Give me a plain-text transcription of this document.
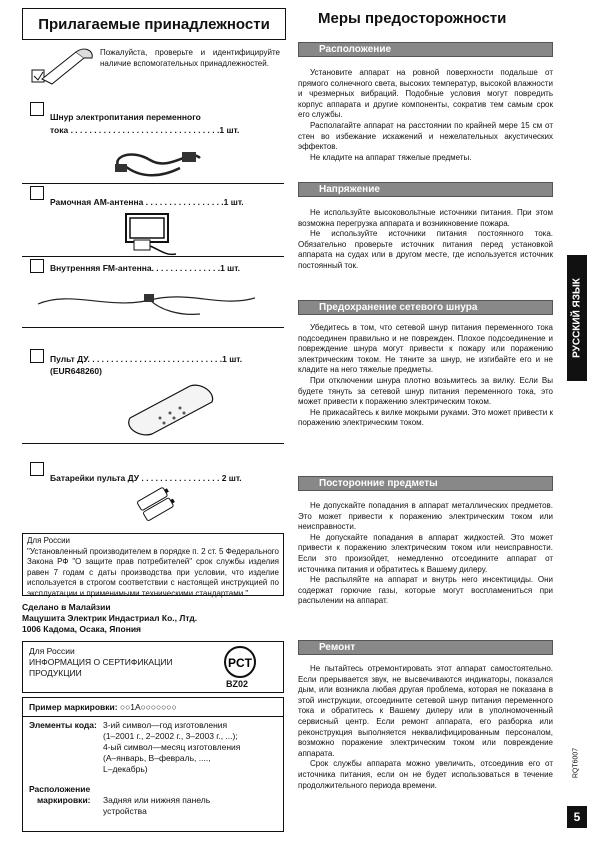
Прилагаемые принадлежности
Пожалуйста, проверьте и идентифицируйте наличие вспомогательных принадлежностей.
Шнур электропитания переменного
тока . . . . . . . . . . . . . . . . . . . . . . . . . . . . . . . .1 шт.
Рамочная АМ-антенна . . . . . . . . . . . . . . . . .1 шт.
Внутренняя FM-антенна. . . . . . . . . . . . . . .1 шт.
Пульт ДУ. . . . . . . . . . . . . . . . . . . . . . . . . . . . .1 шт.
(EUR648260)
Батарейки пульта ДУ . . . . . . . . . . . . . . . . . 2 шт.
Для России
"Установленный производителем в порядке п. 2 ст. 5 Федерального Закона РФ "О защите прав потребителей" срок службы изделия равен 7 годам с даты производства при условии, что изделие используется в строгом соответствии с настоящей инструкцией по эксплуатации и применимыми техническими стандартами."
Сделано в Малайзии
Мацушита Электрик Индастриал Ко., Лтд.
1006 Кадома, Осака, Япония
Для России
ИНФОРМАЦИЯ О СЕРТИФИКАЦИИ
ПРОДУКЦИИ
PCT
BZ02
Пример маркировки: ○○1А○○○○○○○
Элементы кода: 3-ий символ—год изготовления
(1–2001 г., 2–2002 г., 3–2003 г., ...);
4-ый символ—месяц изготовления
(А–январь, В–февраль, ....,
L–декабрь)
Расположение
маркировки:	Задняя или нижняя панель устройства
Меры предосторожности
Расположение

Установите аппарат на ровной поверхности подальше от прямого солнечного света, высоких температур, высокой влажности и чрезмерных вибраций. Подобные условия могут повредить корпус аппарата и другие компоненты, сократив тем самым срок его службы.

Располагайте аппарат на расстоянии по крайней мере 15 см от стен во избежание искажений и нежелательных акустических эффектов.

Не кладите на аппарат тяжелые предметы.

Напряжение

Не используйте высоковольтные источники питания. При этом возможна перегрузка аппарата и возникновение пожара.

Не используйте источники питания постоянного тока. Обязательно проверьте источник питания перед установкой аппарата на судах или в другом месте, где используется источник постоянный ток.

Предохранение сетевого шнура

Убедитесь в том, что сетевой шнур питания переменного тока подсоединен правильно и не поврежден. Плохое подсоединение и повреждение шнура могут привести к пожару или поражению электрическим током. Не тяните за шнур, не изгибайте его и не кладите на него тяжелые предметы.

При отключении шнура плотно возьмитесь за вилку. Если Вы будете тянуть за сетевой шнур питания переменного тока, это может привести к поражению электрическим током.

Не прикасайтесь к вилке мокрыми руками. Это может привести к поражению электрическим током.

Посторонние предметы

Не допускайте попадания в аппарат металлических предметов. Это может привести к поражению электрическим током или неисправности.

Не допускайте попадания в аппарат жидкостей. Это может привести к поражению электрическим током или неисправности. Если это произойдет, немедленно отсоедините аппарат от источника питания и обратитесь к Вашему дилеру.

Не распыляйте на аппарат и внутрь него инсектициды. Они содержат горючие газы, которые могут воспламениться при распылении на аппарат.

Ремонт

Не пытайтесь отремонтировать этот аппарат самостоятельно. Если прерывается звук, не высвечиваются индикаторы, показался дым, или возникла любая другая проблема, которая не показана в этой инструкции, отсоедините сетевой шнур питания переменного тока и обратитесь к Вашему дилеру или в уполномоченный сервисный центр. Если ремонт аппарата, его разборка или реконструкция выполняется неквалифицированным персоналом, возможно поражение электрическим током или повреждение аппарата.

Срок службы аппарата можно увеличить, отсоединив его от источника питания, если он не будет использоваться в течение продолжительного периода времени.

РУССКИЙ ЯЗЫК
RQT6007
5
